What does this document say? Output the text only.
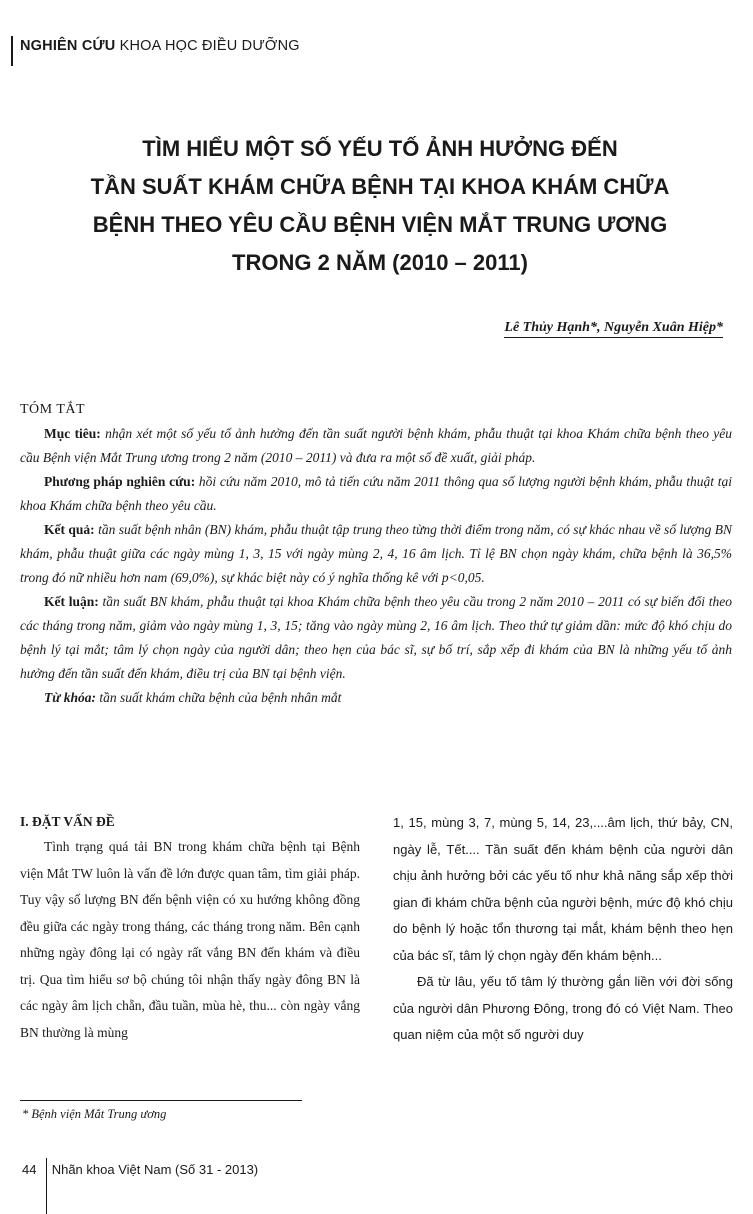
NGHIÊN CỨU KHOA HỌC ĐIỀU DƯỠNG
TÌM HIỂU MỘT SỐ YẾU TỐ ẢNH HƯỞNG ĐẾN
TẦN SUẤT KHÁM CHỮA BỆNH TẠI KHOA KHÁM CHỮA
BỆNH THEO YÊU CẦU BỆNH VIỆN MẮT TRUNG ƯƠNG
TRONG 2 NĂM (2010 – 2011)
Lê Thủy Hạnh*, Nguyễn Xuân Hiệp*
TÓM TẮT

Mục tiêu: nhận xét một số yếu tố ảnh hưởng đến tần suất người bệnh khám, phẫu thuật tại khoa Khám chữa bệnh theo yêu cầu Bệnh viện Mắt Trung ương trong 2 năm (2010 – 2011) và đưa ra một số đề xuất, giải pháp.

Phương pháp nghiên cứu: hồi cứu năm 2010, mô tả tiến cứu năm 2011 thông qua số lượng người bệnh khám, phẫu thuật tại khoa Khám chữa bệnh theo yêu cầu.

Kết quả: tần suất bệnh nhân (BN) khám, phẫu thuật tập trung theo từng thời điểm trong năm, có sự khác nhau về số lượng BN khám, phẫu thuật giữa các ngày mùng 1, 3, 15 với ngày mùng 2, 4, 16 âm lịch. Tỉ lệ BN chọn ngày khám, chữa bệnh là 36,5% trong đó nữ nhiều hơn nam (69,0%), sự khác biệt này có ý nghĩa thống kê với p<0,05.

Kết luận: tần suất BN khám, phẫu thuật tại khoa Khám chữa bệnh theo yêu cầu trong 2 năm 2010 – 2011 có sự biến đổi theo các tháng trong năm, giảm vào ngày mùng 1, 3, 15; tăng vào ngày mùng 2, 16 âm lịch. Theo thứ tự giảm dần: mức độ khó chịu do bệnh lý tại mắt; tâm lý chọn ngày của người dân; theo hẹn của bác sĩ, sự bố trí, sắp xếp đi khám của BN là những yếu tố ảnh hưởng đến tần suất đến khám, điều trị của BN tại bệnh viện.

Từ khóa: tần suất khám chữa bệnh của bệnh nhân mắt

I. ĐẶT VẤN ĐỀ

Tình trạng quá tải BN trong khám chữa bệnh tại Bệnh viện Mắt TW luôn là vấn đề lớn được quan tâm, tìm giải pháp. Tuy vậy số lượng BN đến bệnh viện có xu hướng không đồng đều giữa các ngày trong tháng, các tháng trong năm. Bên cạnh những ngày đông lại có ngày rất vắng BN đến khám và điều trị. Qua tìm hiểu sơ bộ chúng tôi nhận thấy ngày đông BN là các ngày âm lịch chẵn, đầu tuần, mùa hè, thu... còn ngày vắng BN thường là mùng

1, 15, mùng 3, 7, mùng 5, 14, 23,....âm lịch, thứ bảy, CN, ngày lễ, Tết.... Tần suất đến khám bệnh của người dân chịu ảnh hưởng bởi các yếu tố như khả năng sắp xếp thời gian đi khám chữa bệnh của người bệnh, mức độ khó chịu do bệnh lý hoặc tổn thương tại mắt, khám bệnh theo hẹn của bác sĩ, tâm lý chọn ngày đến khám bệnh...

Đã từ lâu, yếu tố tâm lý thường gắn liền với đời sống của người dân Phương Đông, trong đó có Việt Nam. Theo quan niệm của một số người duy

* Bệnh viện Mắt Trung ương
44 Nhãn khoa Việt Nam (Số 31 - 2013)
